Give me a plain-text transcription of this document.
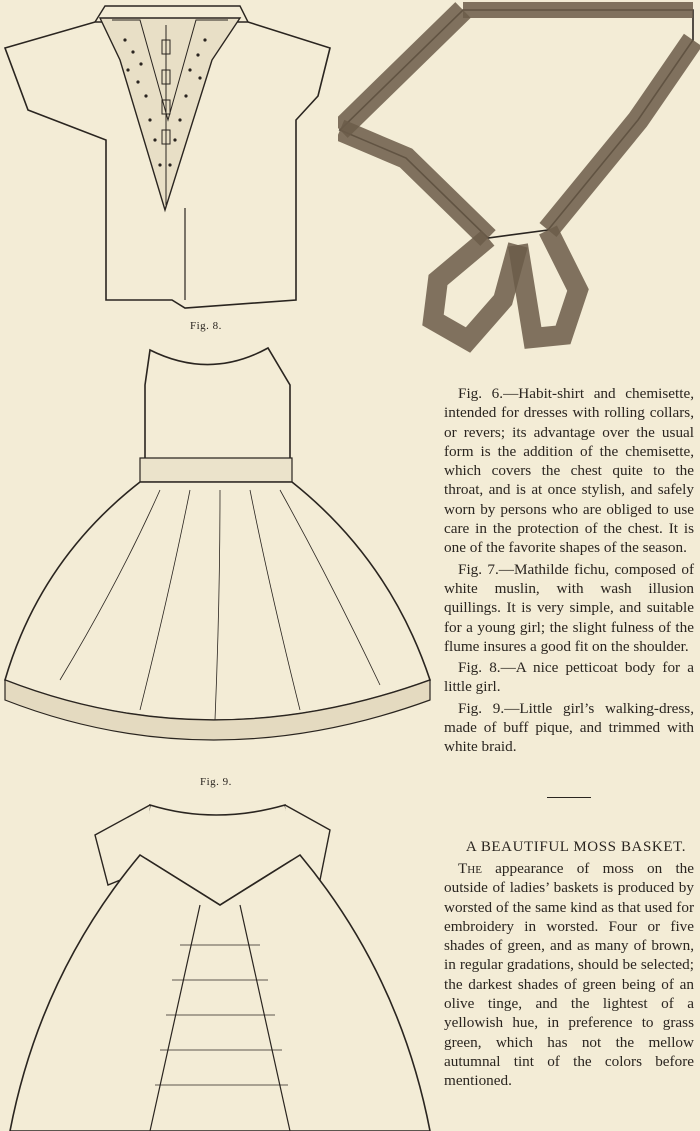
Fig. 8.
Fig. 9.

Fig. 6.—Habit-shirt and chemisette, intended for dresses with rolling collars, or revers; its advantage over the usual form is the addition of the chemisette, which covers the chest quite to the throat, and is at once stylish, and safely worn by persons who are obliged to use care in the protection of the chest. It is one of the favorite shapes of the season.

Fig. 7.—Mathilde fichu, composed of white muslin, with wash illusion quillings. It is very simple, and suitable for a young girl; the slight fulness of the flume insures a good fit on the shoulder.

Fig. 8.—A nice petticoat body for a little girl.

Fig. 9.—Little girl’s walking-dress, made of buff pique, and trimmed with white braid.

A BEAUTIFUL MOSS BASKET.

The appearance of moss on the outside of ladies’ baskets is produced by worsted of the same kind as that used for embroidery in worsted. Four or five shades of green, and as many of brown, in regular gradations, should be selected; the darkest shades of green being of an olive tinge, and the lightest of a yellowish hue, in preference to grass green, which has not the mellow autumnal tint of the colors before mentioned.
